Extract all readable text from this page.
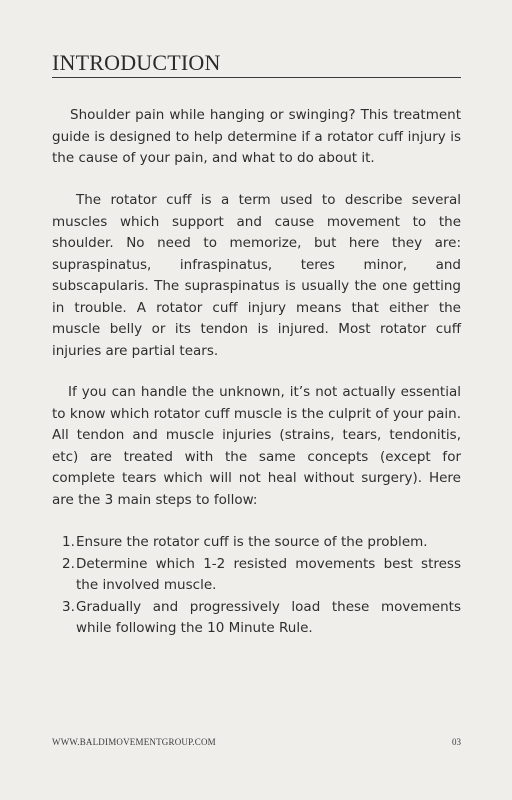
INTRODUCTION

Shoulder pain while hanging or swinging? This treatment guide is designed to help determine if a rotator cuff injury is the cause of your pain, and what to do about it.

The rotator cuff is a term used to describe several muscles which support and cause movement to the shoulder. No need to memorize, but here they are: supraspinatus, infraspinatus, teres minor, and subscapularis. The supraspinatus is usually the one getting in trouble. A rotator cuff injury means that either the muscle belly or its tendon is injured. Most rotator cuff injuries are partial tears.

If you can handle the unknown, it’s not actually essential to know which rotator cuff muscle is the culprit of your pain. All tendon and muscle injuries (strains, tears, tendonitis, etc) are treated with the same concepts (except for complete tears which will not heal without surgery). Here are the 3 main steps to follow:

1. Ensure the rotator cuff is the source of the problem.
2. Determine which 1-2 resisted movements best stress the involved muscle.
3. Gradually and progressively load these movements while following the 10 Minute Rule.
WWW.BALDIMOVEMENTGROUP.COM	03
